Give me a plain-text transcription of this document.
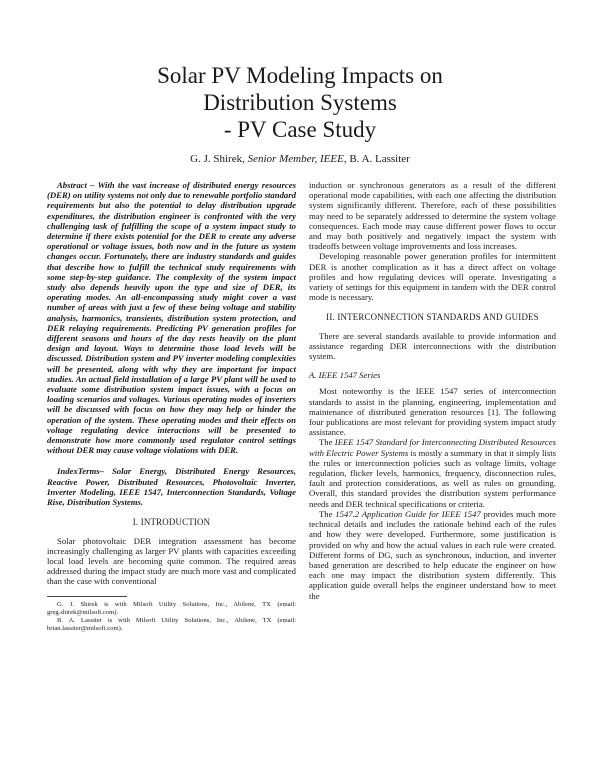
Solar PV Modeling Impacts on
Distribution Systems
- PV Case Study
G. J. Shirek, Senior Member, IEEE, B. A. Lassiter

Abstract – With the vast increase of distributed energy resources (DER) on utility systems not only due to renewable portfolio standard requirements but also the potential to delay distribution upgrade expenditures, the distribution engineer is confronted with the very challenging task of fulfilling the scope of a system impact study to determine if there exists potential for the DER to create any adverse operational or voltage issues, both now and in the future as system changes occur. Fortunately, there are industry standards and guides that describe how to fulfill the technical study requirements with some step-by-step guidance. The complexity of the system impact study also depends heavily upon the type and size of DER, its operating modes. An all-encompassing study might cover a vast number of areas with just a few of these being voltage and stability analysis, harmonics, transients, distribution system protection, and DER relaying requirements. Predicting PV generation profiles for different seasons and hours of the day rests heavily on the plant design and layout. Ways to determine those load levels will be discussed. Distribution system and PV inverter modeling complexities will be presented, along with why they are important for impact studies. An actual field installation of a large PV plant will be used to evaluate some distribution system impact issues, with a focus on loading scenarios and voltages. Various operating modes of inverters will be discussed with focus on how they may help or hinder the operation of the system. These operating modes and their effects on voltage regulating device interactions will be presented to demonstrate how more commonly used regulator control settings without DER may cause voltage violations with DER.

IndexTerms– Solar Energy, Distributed Energy Resources, Reactive Power, Distributed Resources, Photovoltaic Inverter, Inverter Modeling, IEEE 1547, Interconnection Standards, Voltage Rise, Distribution Systems.

I. INTRODUCTION

Solar photovoltaic DER integration assessment has become increasingly challenging as larger PV plants with capacities exceeding local load levels are becoming quite common. The required areas addressed during the impact study are much more vast and complicated than the case with conventional

G. J. Shirek is with Milsoft Utility Solutions, Inc., Abilene, TX (email: greg.shirek@milsoft.com).

B. A. Lassiter is with Milsoft Utility Solutions, Inc., Abilene, TX (email: brian.lassiter@milsoft.com).

induction or synchronous generators as a result of the different operational mode capabilities, with each one affecting the distribution system significantly different. Therefore, each of these possibilities may need to be separately addressed to determine the system voltage consequences. Each mode may cause different power flows to occur and may both positively and negatively impact the system with tradeoffs between voltage improvements and loss increases.

Developing reasonable power generation profiles for intermittent DER is another complication as it has a direct affect on voltage profiles and how regulating devices will operate. Investigating a variety of settings for this equipment in tandem with the DER control mode is necessary.

II. INTERCONNECTION STANDARDS AND GUIDES

There are several standards available to provide information and assistance regarding DER interconnections with the distribution system.

A. IEEE 1547 Series

Most noteworthy is the IEEE 1547 series of interconnection standards to assist in the planning, engineering, implementation and maintenance of distributed generation resources [1]. The following four publications are most relevant for providing system impact study assistance.

The IEEE 1547 Standard for Interconnecting Distributed Resources with Electric Power Systems is mostly a summary in that it simply lists the rules or interconnection policies such as voltage limits, voltage regulation, flicker levels, harmonics, frequency, disconnection rules, fault and protection considerations, as well as rules on grounding. Overall, this standard provides the distribution system performance needs and DER technical specifications or criteria.

The 1547.2 Application Guide for IEEE 1547 provides much more technical details and includes the rationale behind each of the rules and how they were developed. Furthermore, some justification is provided on why and how the actual values in each rule were created. Different forms of DG, such as synchronous, induction, and inverter based generation are described to help educate the engineer on how each one may impact the distribution system differently. This application guide overall helps the engineer understand how to meet the
